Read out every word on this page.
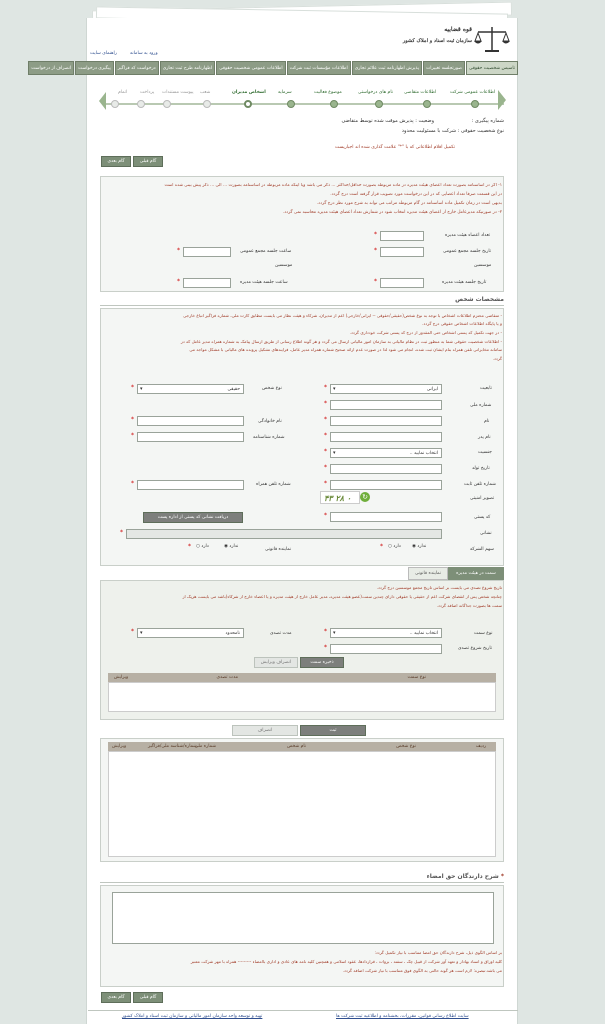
قوه قضاییه
سازمان ثبت اسناد و املاک کشور
ورود به سامانه
راهنمای سایت
تاسیس شخصیت حقوقی
صورتجلسه تغییرات
پذیرش اظهارنامه ثبت علائم تجاری
اطلاعات مؤسسات ثبت شرکت
اطلاعات عمومی شخصیت حقوقی
اظهارنامه طرح ثبت تجاری
درخواست کد فراگیر
پیگیری درخواست
انصراف از درخواست
اطلاعات عمومی شرکت
اطلاعات متقاضی
نام های درخواستی
موضوع فعالیت
سرمایه
اشخاص مدیران
شعب
پیوست مستندات
پرداخت
اتمام
شماره پیگیری :
وضعیت : پذیرش موقت شده توسط متقاضی
نوع شخصیت حقوقی : شرکت با مسئولیت محدود
تکمیل اقلام اطلاعاتی که با "*" علامت گذاری شده اند اجباریست
گام بعدی	گام قبلی
۱- اگر در اساسنامه بصورت تعداد اعضای هیئت مدیره در ماده مربوطه بصورت حداقل/حداکثر ... ذکر می باشد ویا اینکه ماده مربوطه در اساسنامه بصورت ... الی ... ذکر پیش بینی شده است
در این قسمت صرفا تعداد اعضایی که در این درخواست مورد تصویب قرار گرفته است درج گردد.
بدیهی است در زمان تکمیل ماده اساسنامه در گام مربوطه مراتب می تواند به شرح مورد نظر درج گردد.
۲- در صورتیکه مدیرعامل خارج از اعضای هیئت مدیره انتخاب شود در شمارش تعداد اعضای هیئت مدیره محاسبه نمی گردد.
تعداد اعضاء هیئت مدیره
*
تاریخ جلسه مجمع عمومی
*
ساعت جلسه مجمع عمومی
*
موسسین
موسسین
تاریخ جلسه هیئت مدیره
*
ساعت جلسه هیئت مدیره
*
مشخصات شخص
- متقاضی محترم اطلاعات اشخاص با توجه به نوع شخص(حقیقی/حقوقی -- ایرانی/خارجی) اعم از مدیران، شرکاء و هیئت نظار می بایست مطابق کارت ملی، شماره فراگیر اتباع خارجی
و یا پایگاه اطلاعات اشخاص حقوقی درج گردد.
- در جهت تکمیل کد پستی اشخاص حتی المقدور از درج کد پستی شرکت خودداری گردد.
- اطلاعات شخصیت حقوقی شما به منظور ثبت در نظام مالیاتی به سازمان امور مالیاتی ارسال می گردد و هر گونه اطلاع رسانی از طریق ارسال پیامک به شماره همراه مدیر عامل که در
سامانه مخابراتی تلفن همراه بنام ایشان ثبت شده، انجام می شود لذا در صورت عدم ارائه صحیح شماره همراه مدیر عامل، فرایندهای تشکیل پرونده های مالیاتی با مشکل مواجه می
گردد.
تابعیت
ایرانی
▾
*
نوع شخص
حقیقی
▾
*
شماره ملی
*
نام
*
نام خانوادگی
*
نام پدر
*
شماره شناسنامه
*
جنسیت
انتخاب نمایید ..
▾
*
تاریخ تولد
*
شماره تلفن ثابت
*
شماره تلفن همراه
*
تصویر امنیتی
۴۳ ۲۸ ۰ ↻
کد پستی
*
دریافت نشانی کد پستی از اداره پست
نشانی
*
سهم الشرکه
◉ ندارد
○ دارد
*
نماینده قانونی
◉ ندارد
○ دارد
*
سمت در هیئت مدیره
نماینده قانونی
تاریخ شروع تصدی می بایست بر اساس تاریخ مجمع موسسین درج گردد.
چنانچه شخص پس از انقضای شرکت اعم از حقیقی یا حقوقی دارای چندین سمت(عضو هیئت مدیره، مدیر عامل خارج از هیئت مدیره و یا اعضاء خارج از شرکاء)باشد می بایست هریک از
سمت ها بصورت جداگانه اضافه گردد.
نوع سمت
انتخاب نمایید ..
▾
*
مدت تصدی
نامحدود
▾
*
تاریخ شروع تصدی
*
ذخیره سمت
انصراف ویرایش
نوع سمت
مدت تصدی
ویرایش
ثبت
انصراف
ردیف
نوع شخص
نام شخص
شماره ملی
شماره/شناسه ملی/فراگیر
ویرایش
* شرح دارندگان حق امضاء
بر اساس الگوی ذیل، شرح دارندگان حق امضا متناسب با نیاز تکمیل گردد:
کلیه اوراق و اسناد بهادار و تعهد آور شرکت از قبیل چک ، سفته ، بروات ، قراردادها، عقود اسلامی و همچنین کلیه نامه های عادی و اداری باامضاء --------- همراه با مهر شرکت معتبر
می باشد.تبصره: لازم است هر گونه حالتی به الگوی فوق متناسب با نیاز شرکت اضافه گردد.
گام بعدی	گام قبلی
سایت اطلاع رسانی قوانین، مقررات، بخشنامه و اطلاعیه ثبت شرکت ها
تهیه و توسعه واحد سازمان امور مالیاتی و سازمان ثبت اسناد و املاک کشور
